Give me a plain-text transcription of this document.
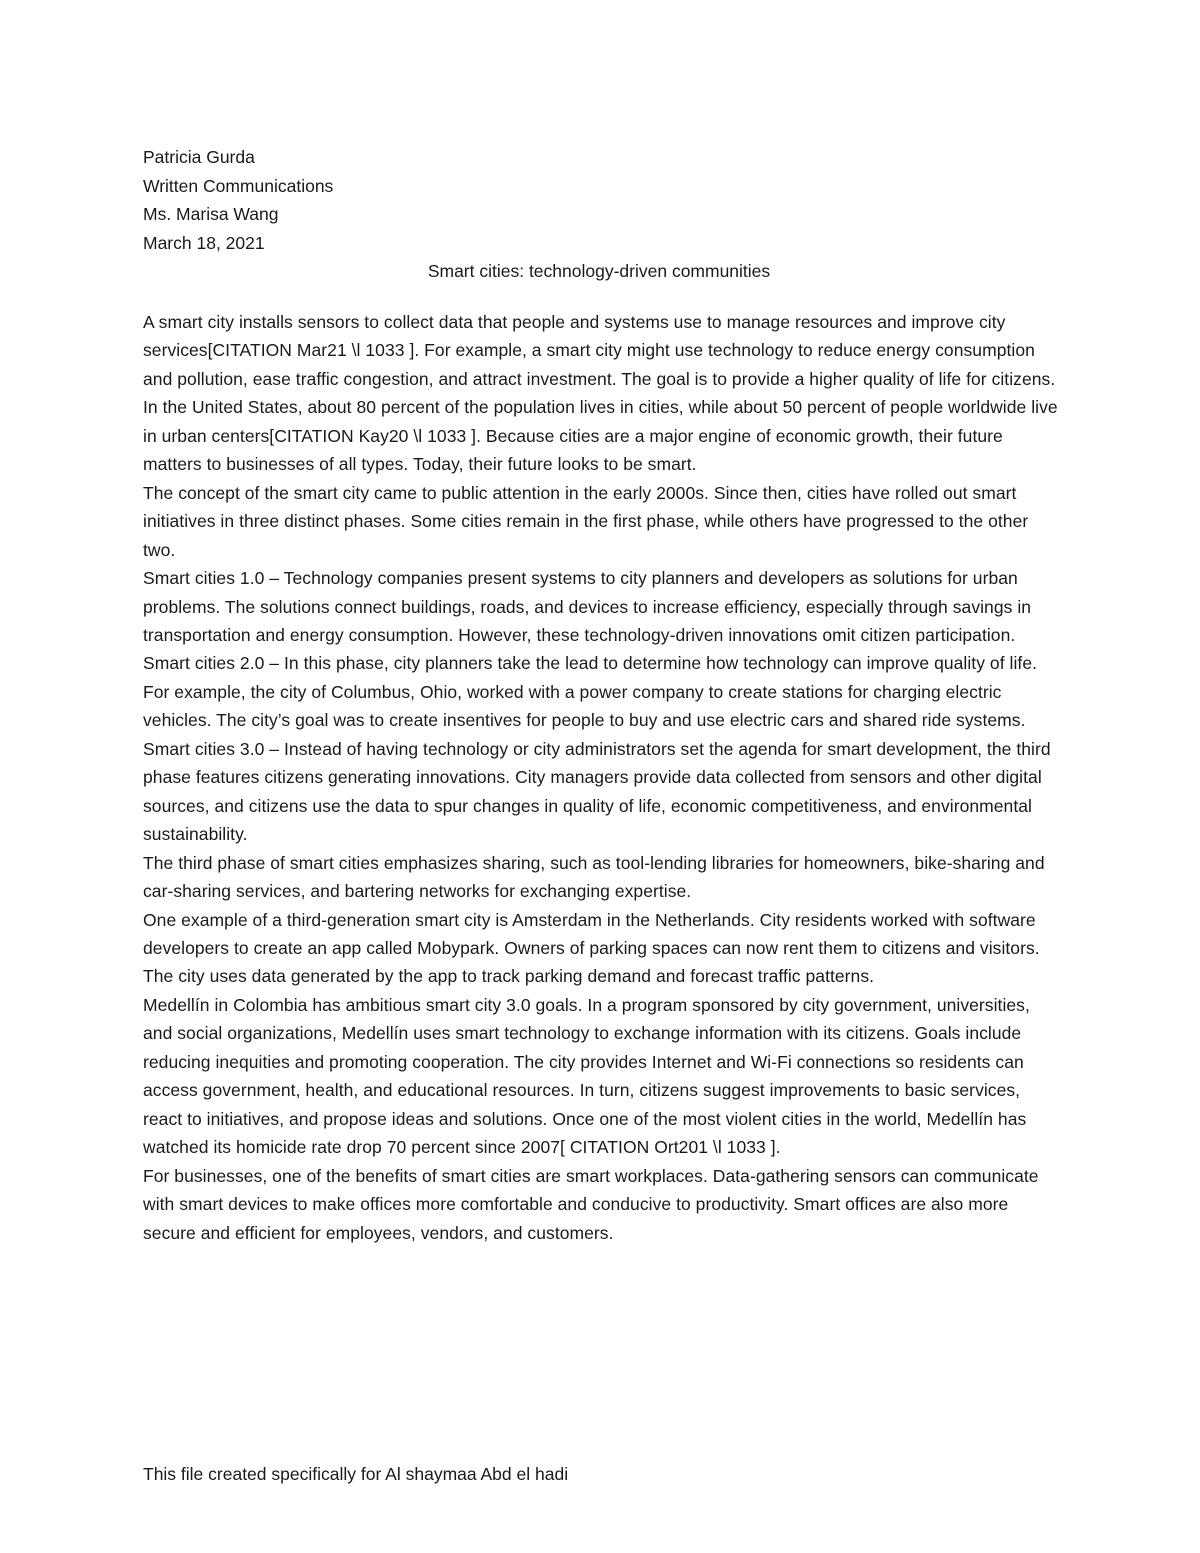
Patricia Gurda
Written Communications
Ms. Marisa Wang
March 18, 2021
Smart cities: technology-driven communities

A smart city installs sensors to collect data that people and systems use to manage resources and improve city services[CITATION Mar21 \l 1033 ]. For example, a smart city might use technology to reduce energy consumption and pollution, ease traffic congestion, and attract investment. The goal is to provide a higher quality of life for citizens.

In the United States, about 80 percent of the population lives in cities, while about 50 percent of people worldwide live in urban centers[CITATION Kay20 \l 1033 ]. Because cities are a major engine of economic growth, their future matters to businesses of all types. Today, their future looks to be smart.

The concept of the smart city came to public attention in the early 2000s. Since then, cities have rolled out smart initiatives in three distinct phases. Some cities remain in the first phase, while others have progressed to the other two.

Smart cities 1.0 – Technology companies present systems to city planners and developers as solutions for urban problems. The solutions connect buildings, roads, and devices to increase efficiency, especially through savings in transportation and energy consumption. However, these technology-driven innovations omit citizen participation.

Smart cities 2.0 – In this phase, city planners take the lead to determine how technology can improve quality of life. For example, the city of Columbus, Ohio, worked with a power company to create stations for charging electric vehicles. The city’s goal was to create insentives for people to buy and use electric cars and shared ride systems.

Smart cities 3.0 – Instead of having technology or city administrators set the agenda for smart development, the third phase features citizens generating innovations. City managers provide data collected from sensors and other digital sources, and citizens use the data to spur changes in quality of life, economic competitiveness, and environmental sustainability.

The third phase of smart cities emphasizes sharing, such as tool-lending libraries for homeowners, bike-sharing and car-sharing services, and bartering networks for exchanging expertise.

One example of a third-generation smart city is Amsterdam in the Netherlands. City residents worked with software developers to create an app called Mobypark. Owners of parking spaces can now rent them to citizens and visitors. The city uses data generated by the app to track parking demand and forecast traffic patterns.

Medellín in Colombia has ambitious smart city 3.0 goals. In a program sponsored by city government, universities, and social organizations, Medellín uses smart technology to exchange information with its citizens. Goals include reducing inequities and promoting cooperation. The city provides Internet and Wi-Fi connections so residents can access government, health, and educational resources. In turn, citizens suggest improvements to basic services, react to initiatives, and propose ideas and solutions. Once one of the most violent cities in the world, Medellín has watched its homicide rate drop 70 percent since 2007[ CITATION Ort201 \l 1033 ].

For businesses, one of the benefits of smart cities are smart workplaces. Data-gathering sensors can communicate with smart devices to make offices more comfortable and conducive to productivity. Smart offices are also more secure and efficient for employees, vendors, and customers.

This file created specifically for Al shaymaa Abd el hadi
